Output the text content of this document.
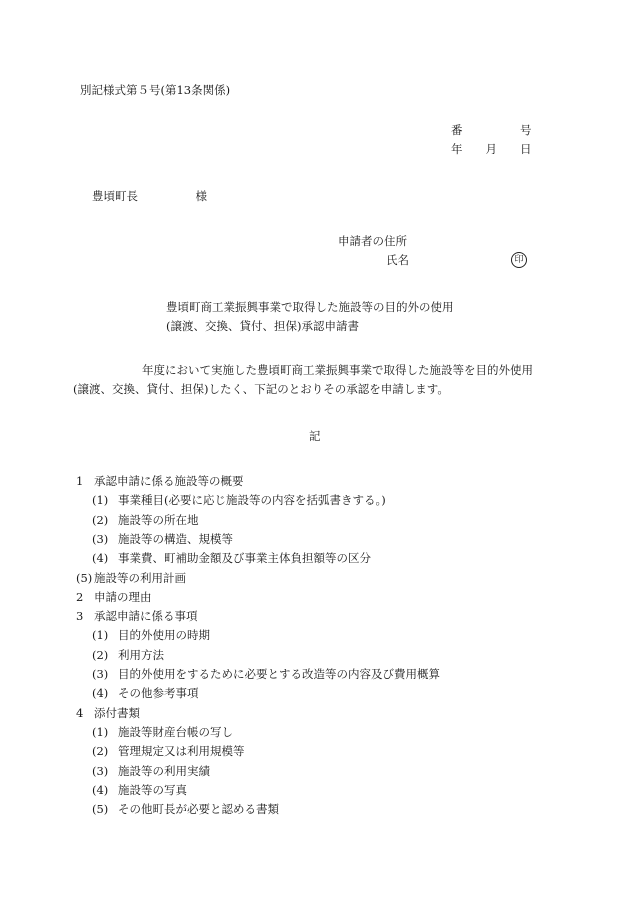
別記様式第５号(第13条関係)
番　　　　　号
年　　月　　日
豊頃町長　　　　　様
申請者の住所
氏名	印
豊頃町商工業振興事業で取得した施設等の目的外の使用
(譲渡、交換、貸付、担保)承認申請書
年度において実施した豊頃町商工業振興事業で取得した施設等を目的外使用
(譲渡、交換、貸付、担保)したく、下記のとおりその承認を申請します。
記
1 承認申請に係る施設等の概要
(1) 事業種目(必要に応じ施設等の内容を括弧書きする。)
(2) 施設等の所在地
(3) 施設等の構造、規模等
(4) 事業費、町補助金額及び事業主体負担額等の区分
(5) 施設等の利用計画
2 申請の理由
3 承認申請に係る事項
(1) 目的外使用の時期
(2) 利用方法
(3) 目的外使用をするために必要とする改造等の内容及び費用概算
(4) その他参考事項
4 添付書類
(1) 施設等財産台帳の写し
(2) 管理規定又は利用規模等
(3) 施設等の利用実績
(4) 施設等の写真
(5) その他町長が必要と認める書類
